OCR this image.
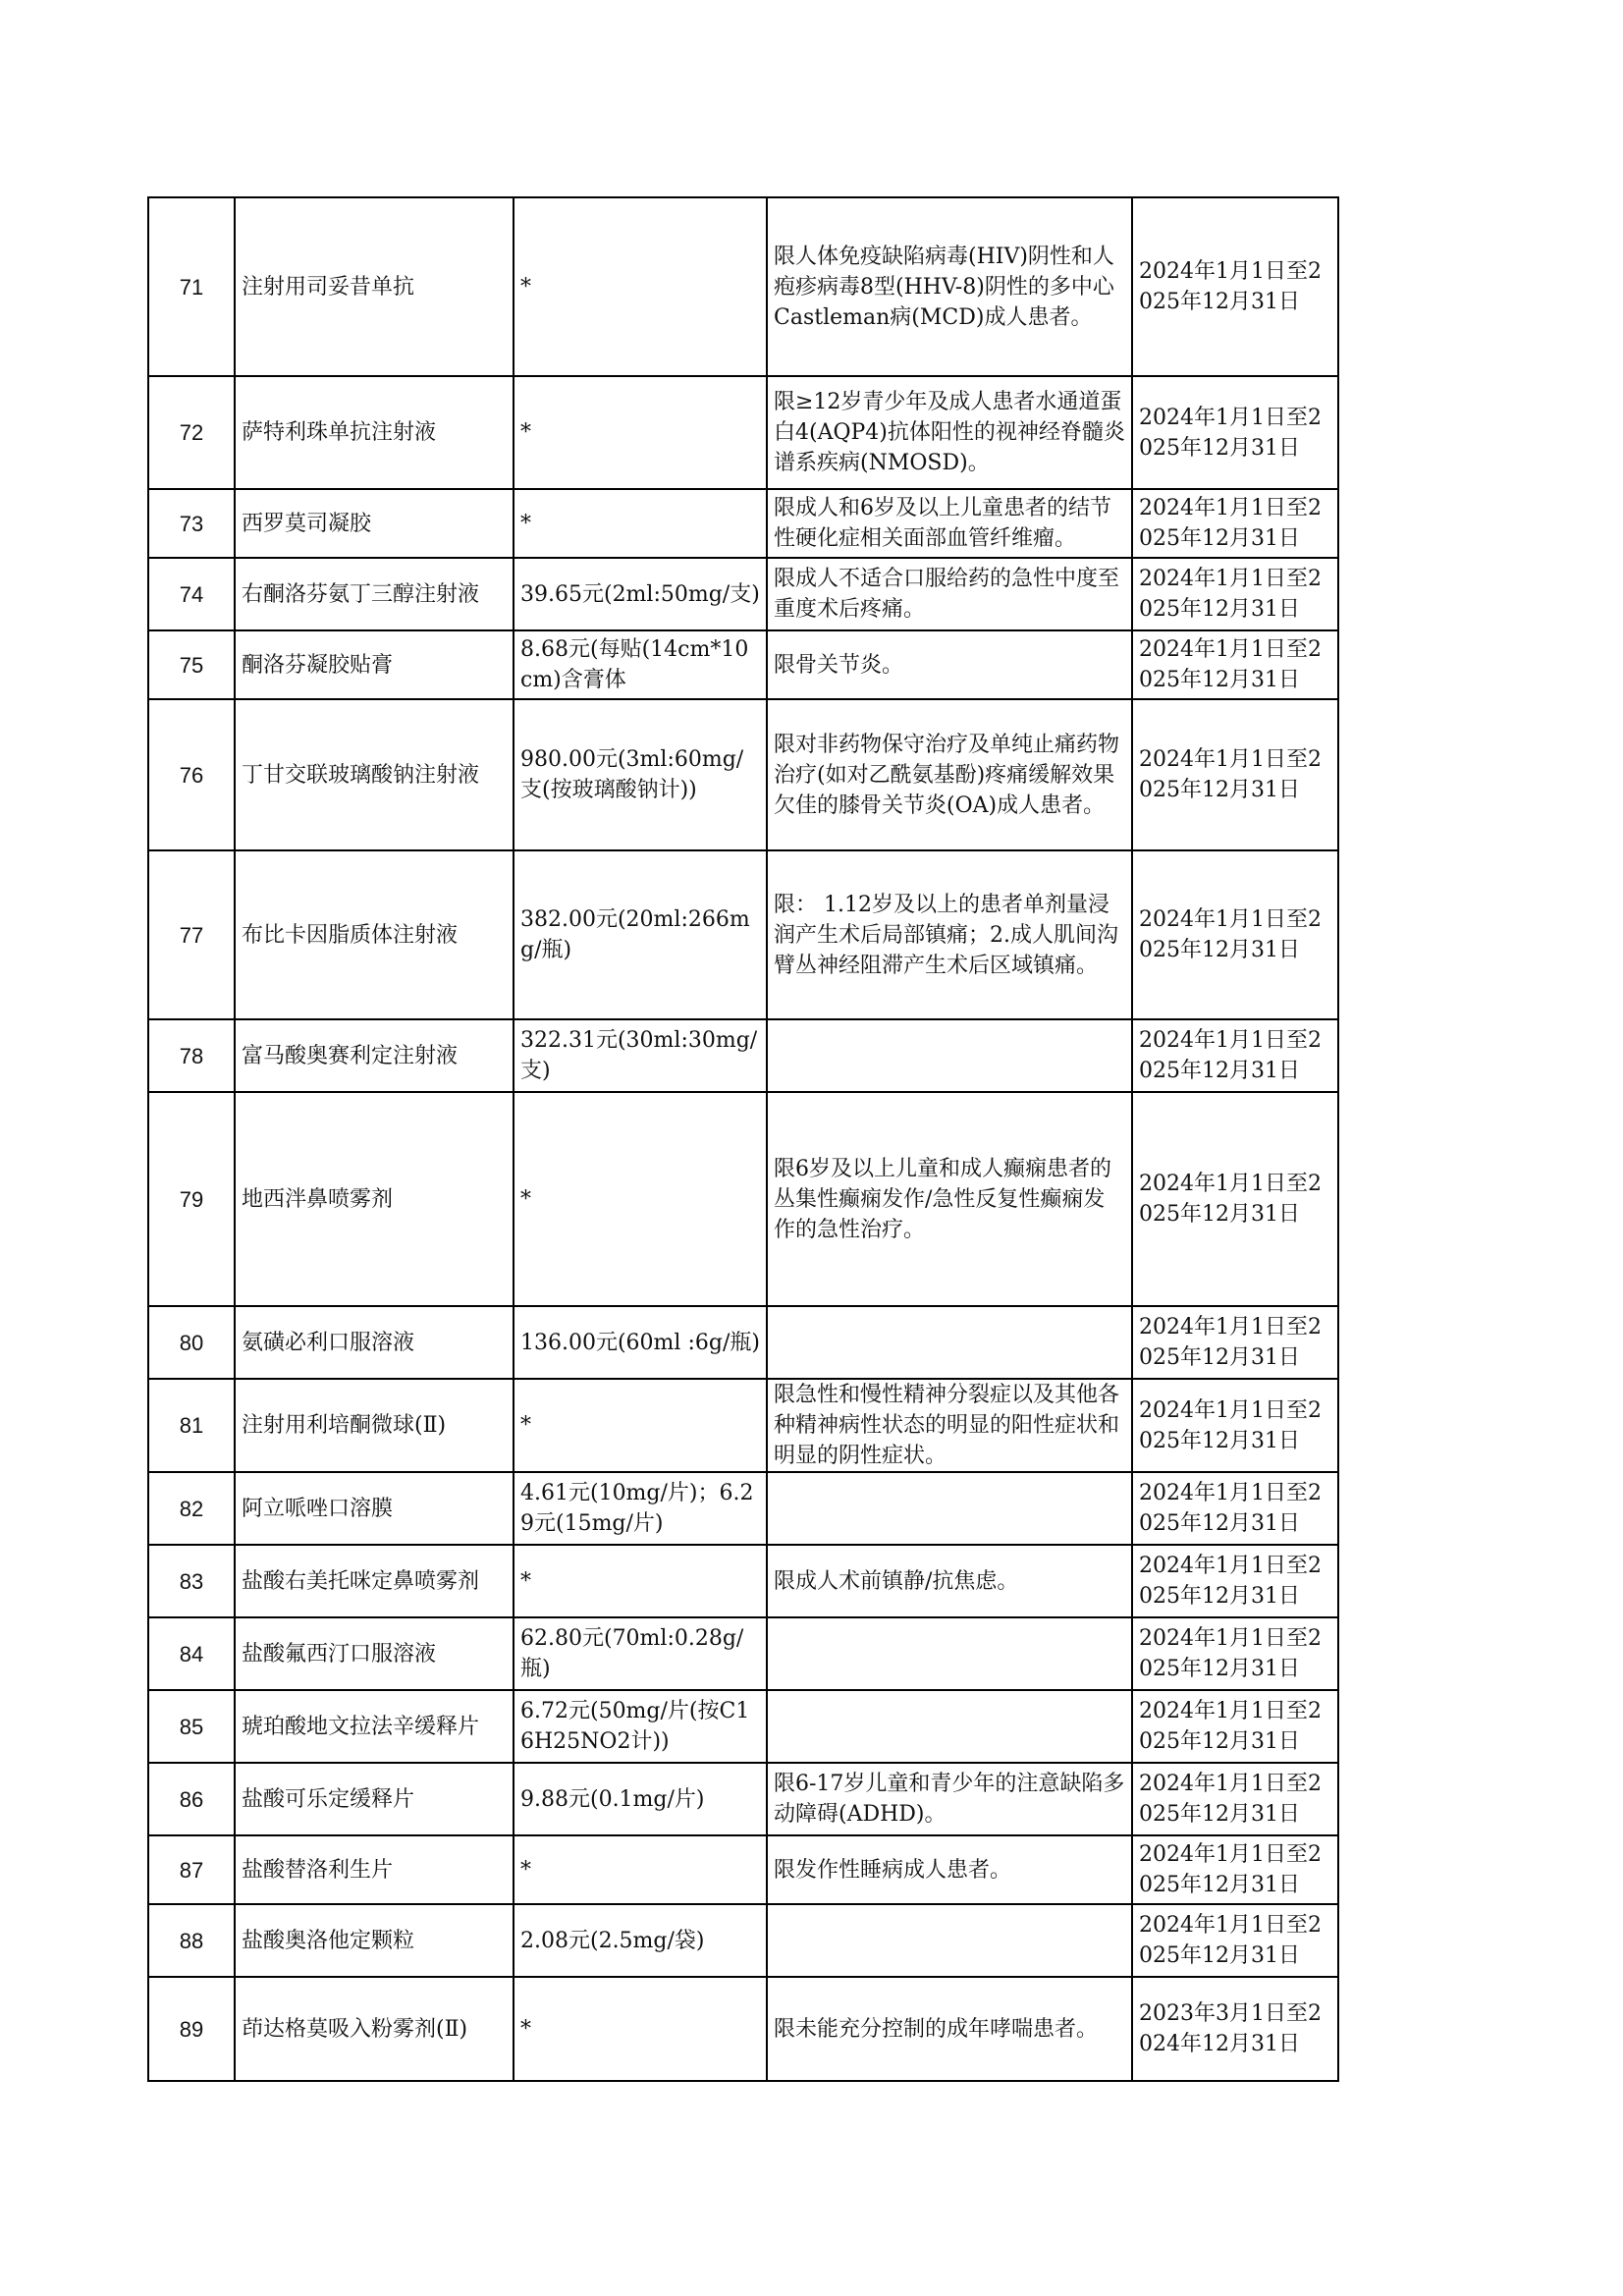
71	注射用司妥昔单抗	*	限人体免疫缺陷病毒(HIV)阴性和人疱疹病毒8型(HHV-8)阴性的多中心Castleman病(MCD)成人患者。	2024年1月1日至2025年12月31日
72	萨特利珠单抗注射液	*	限≥12岁青少年及成人患者水通道蛋白4(AQP4)抗体阳性的视神经脊髓炎谱系疾病(NMOSD)。	2024年1月1日至2025年12月31日
73	西罗莫司凝胶	*	限成人和6岁及以上儿童患者的结节性硬化症相关面部血管纤维瘤。	2024年1月1日至2025年12月31日
74	右酮洛芬氨丁三醇注射液	39.65元(2ml:50mg/支)	限成人不适合口服给药的急性中度至重度术后疼痛。	2024年1月1日至2025年12月31日
75	酮洛芬凝胶贴膏	8.68元(每贴(14cm*10cm)含膏体	限骨关节炎。	2024年1月1日至2025年12月31日
76	丁甘交联玻璃酸钠注射液	980.00元(3ml:60mg/支(按玻璃酸钠计))	限对非药物保守治疗及单纯止痛药物治疗(如对乙酰氨基酚)疼痛缓解效果欠佳的膝骨关节炎(OA)成人患者。	2024年1月1日至2025年12月31日
77	布比卡因脂质体注射液	382.00元(20ml:266mg/瓶)	限： 1.12岁及以上的患者单剂量浸润产生术后局部镇痛；2.成人肌间沟臂丛神经阻滞产生术后区域镇痛。	2024年1月1日至2025年12月31日
78	富马酸奥赛利定注射液	322.31元(30ml:30mg/支)		2024年1月1日至2025年12月31日
79	地西泮鼻喷雾剂	*	限6岁及以上儿童和成人癫痫患者的丛集性癫痫发作/急性反复性癫痫发作的急性治疗。	2024年1月1日至2025年12月31日
80	氨磺必利口服溶液	136.00元(60ml :6g/瓶)		2024年1月1日至2025年12月31日
81	注射用利培酮微球(Ⅱ)	*	限急性和慢性精神分裂症以及其他各种精神病性状态的明显的阳性症状和明显的阴性症状。	2024年1月1日至2025年12月31日
82	阿立哌唑口溶膜	4.61元(10mg/片)；6.29元(15mg/片)		2024年1月1日至2025年12月31日
83	盐酸右美托咪定鼻喷雾剂	*	限成人术前镇静/抗焦虑。	2024年1月1日至2025年12月31日
84	盐酸氟西汀口服溶液	62.80元(70ml:0.28g/瓶)		2024年1月1日至2025年12月31日
85	琥珀酸地文拉法辛缓释片	6.72元(50mg/片(按C16H25NO2计))		2024年1月1日至2025年12月31日
86	盐酸可乐定缓释片	9.88元(0.1mg/片)	限6-17岁儿童和青少年的注意缺陷多动障碍(ADHD)。	2024年1月1日至2025年12月31日
87	盐酸替洛利生片	*	限发作性睡病成人患者。	2024年1月1日至2025年12月31日
88	盐酸奥洛他定颗粒	2.08元(2.5mg/袋)		2024年1月1日至2025年12月31日
89	茚达格莫吸入粉雾剂(Ⅱ)	*	限未能充分控制的成年哮喘患者。	2023年3月1日至2024年12月31日
